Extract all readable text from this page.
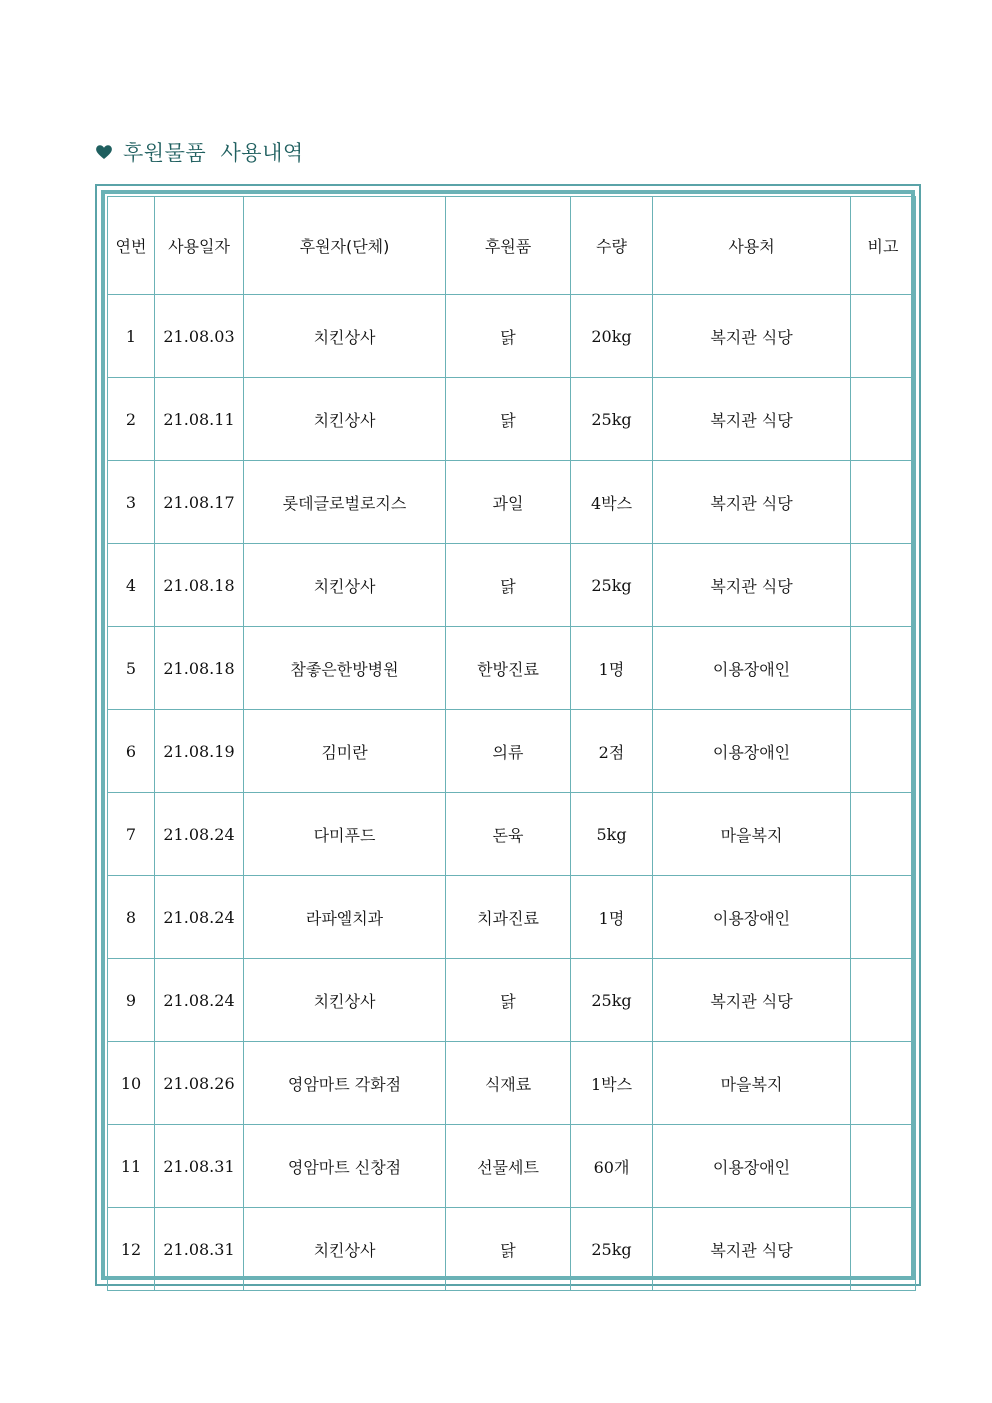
후원물품  사용내역
연번	사용일자	후원자(단체)	후원품	수량	사용처	비고
1	21.08.03	치킨상사	닭	20kg	복지관 식당	
2	21.08.11	치킨상사	닭	25kg	복지관 식당	
3	21.08.17	롯데글로벌로지스	과일	4박스	복지관 식당	
4	21.08.18	치킨상사	닭	25kg	복지관 식당	
5	21.08.18	참좋은한방병원	한방진료	1명	이용장애인	
6	21.08.19	김미란	의류	2점	이용장애인	
7	21.08.24	다미푸드	돈육	5kg	마을복지	
8	21.08.24	라파엘치과	치과진료	1명	이용장애인	
9	21.08.24	치킨상사	닭	25kg	복지관 식당	
10	21.08.26	영암마트 각화점	식재료	1박스	마을복지	
11	21.08.31	영암마트 신창점	선물세트	60개	이용장애인	
12	21.08.31	치킨상사	닭	25kg	복지관 식당	
